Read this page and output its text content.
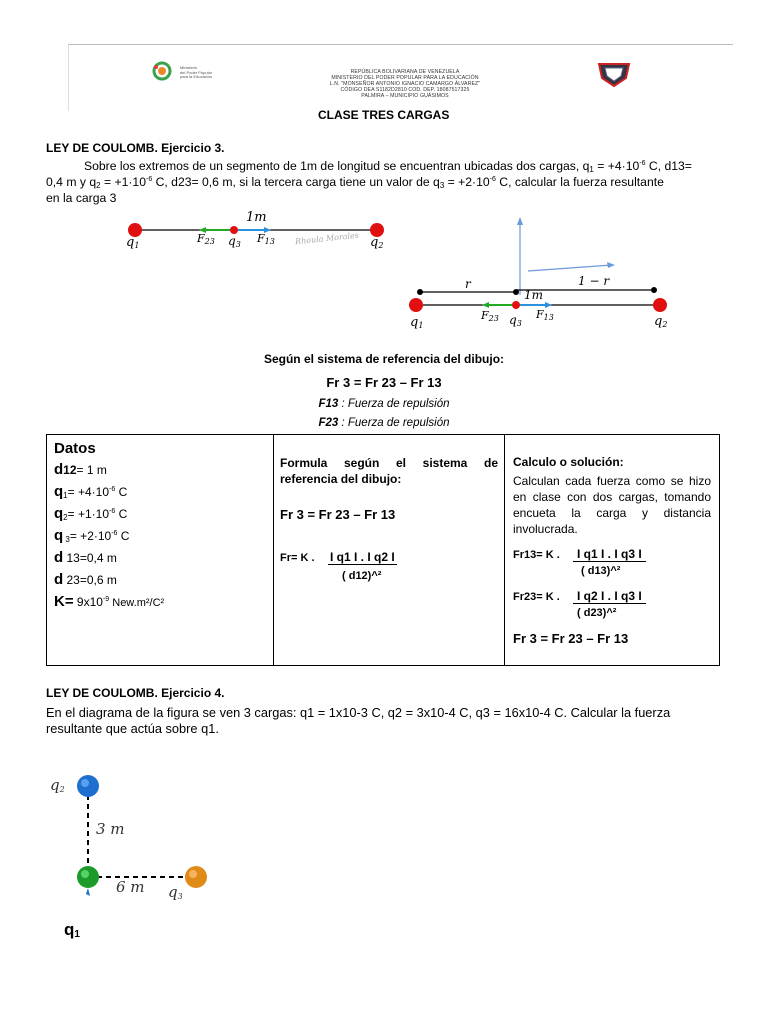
Ministerio
del Poder Popular
para la Educación
REPÚBLICA BOLIVARIANA DE VENEZUELA
MINISTERIO DEL PODER POPULAR PARA LA EDUCACIÓN
L.N. "MONSEÑOR ANTONIO IGNACIO CAMARGO ÁLVAREZ"
CÓDIGO DEA S1182D2810 COD. DEP. 18087517325
PALMIRA – MUNICIPIO GUÁSIMOS
CLASE TRES CARGAS
LEY DE COULOMB. Ejercicio 3.
Sobre los extremos de un segmento de 1m de longitud se encuentran ubicadas dos cargas, $q_1 = +4\cdot 10^{-6}$ C, d13=
0,4 m y $q_2 = +1\cdot 10^{-6}$ C, d23= 0,6 m, si la tercera carga tiene un valor de $q_3 = +2\cdot 10^{-6}$ C, calcular la fuerza resultante
en la carga 3
1m
$q_1$	$q_2$
$q_3$
$F_{23}$	$F_{13}$ Rhoula Morales
r	1 − r
1m
$q_1$	$q_2$
$q_3$
$F_{23}$	$F_{13}$
Según el sistema de referencia del dibujo:
Fr 3 = Fr 23 – Fr 13
F13 : Fuerza de repulsión
F23 : Fuerza de repulsión
Datos
d12= 1 m
$q_1= +4\cdot 10^{-6}$ C
$q_2= +1\cdot 10^{-6}$ C
q $_3= +2\cdot 10^{-6}$ C
d 13=0,4 m
d 23=0,6 m
$K= 9x10^{-9}$ New.m²/C²

Formula según el sistema de
referencia del dibujo:
Fr 3 = Fr 23 – Fr 13
Fr= K . I q1 I . I q2 I
( d12)^²

Calculo o solución:
Calculan cada fuerza como se hizo en clase con dos cargas, tomando encueta la carga y distancia involucrada.
Fr13= K .	I q1 I . I q3 I
( d13)^²
Fr23= K .	I q2 I . I q3 I
( d23)^²
Fr 3 = Fr 23 – Fr 13
LEY DE COULOMB. Ejercicio 4.
En el diagrama de la figura se ven 3 cargas: q1 = 1x10-3 C, q2 = 3x10-4 C, q3 = 16x10-4 C. Calcular la fuerza
resultante que actúa sobre q1.
$q_2$
3 m
6 m $q_3$
$q_1$
